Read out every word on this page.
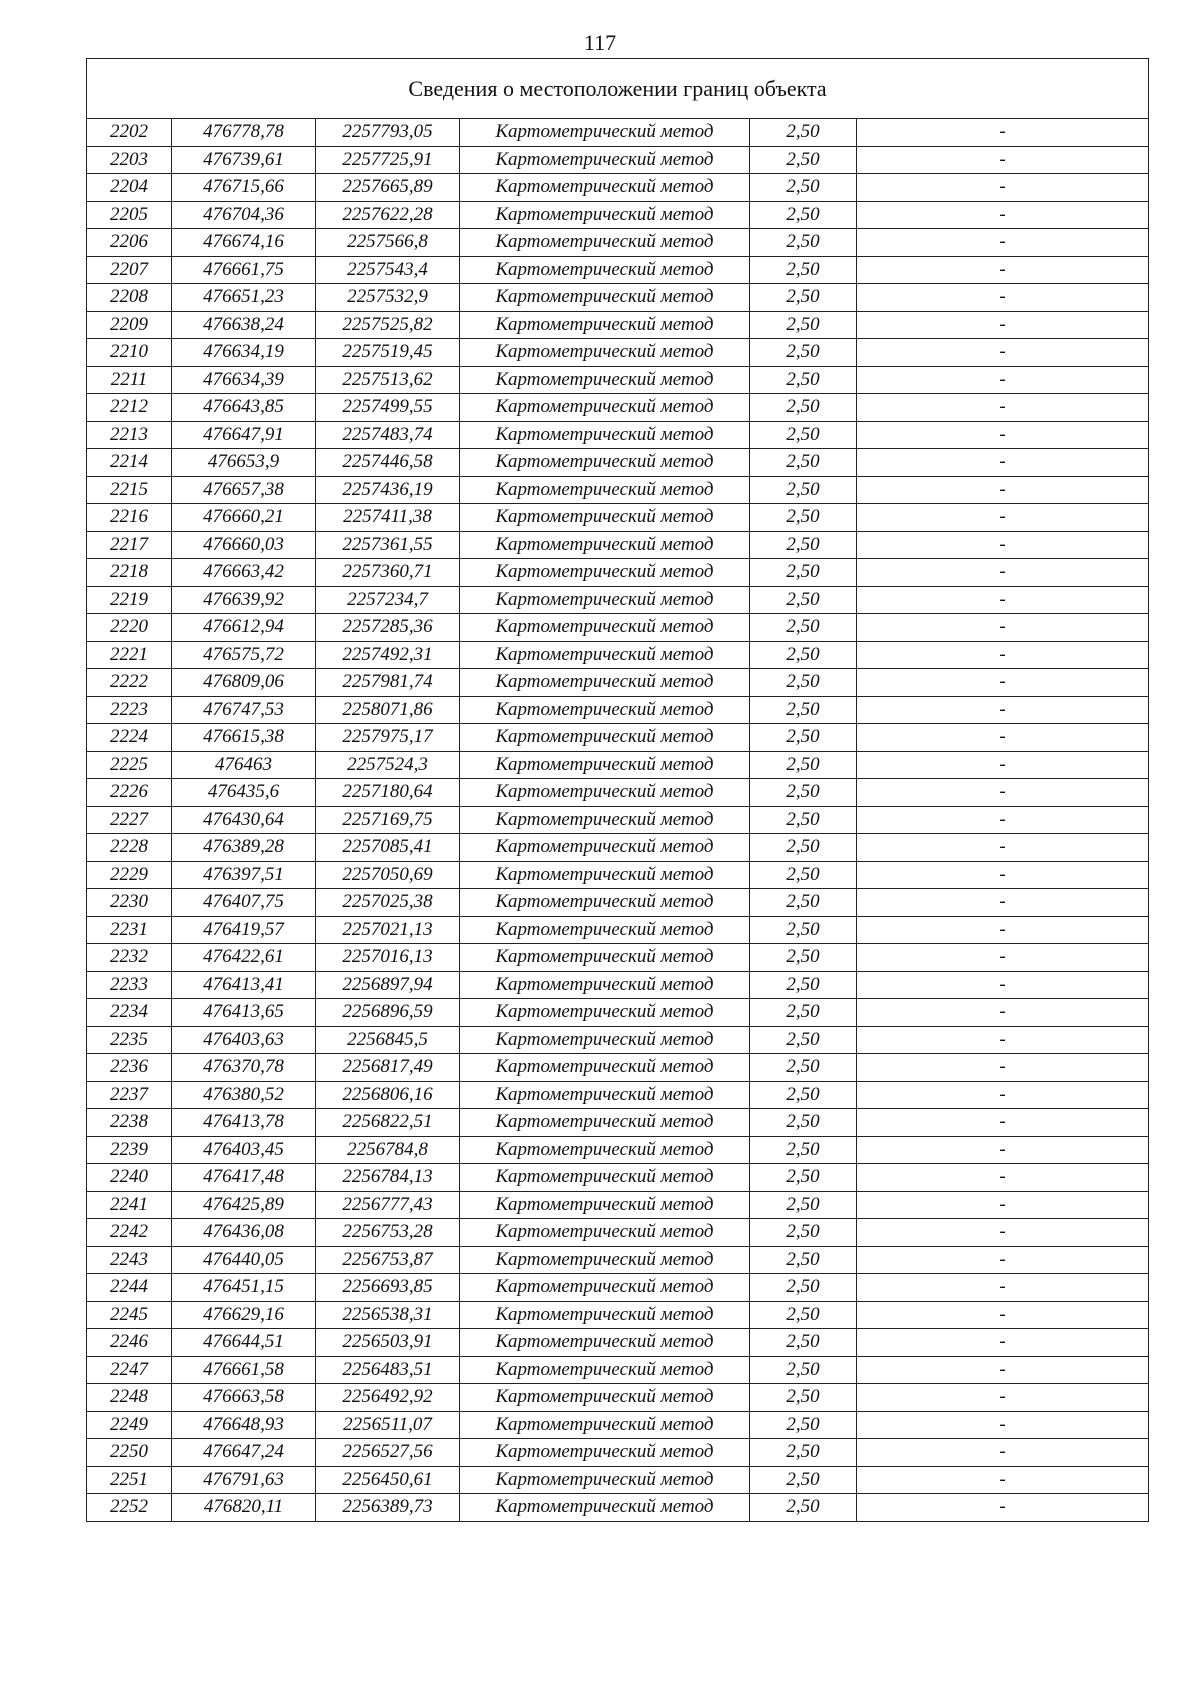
117
Сведения о местоположении границ объекта					
2202	476778,78	2257793,05	Картометрический метод	2,50	-
2203	476739,61	2257725,91	Картометрический метод	2,50	-
2204	476715,66	2257665,89	Картометрический метод	2,50	-
2205	476704,36	2257622,28	Картометрический метод	2,50	-
2206	476674,16	2257566,8	Картометрический метод	2,50	-
2207	476661,75	2257543,4	Картометрический метод	2,50	-
2208	476651,23	2257532,9	Картометрический метод	2,50	-
2209	476638,24	2257525,82	Картометрический метод	2,50	-
2210	476634,19	2257519,45	Картометрический метод	2,50	-
2211	476634,39	2257513,62	Картометрический метод	2,50	-
2212	476643,85	2257499,55	Картометрический метод	2,50	-
2213	476647,91	2257483,74	Картометрический метод	2,50	-
2214	476653,9	2257446,58	Картометрический метод	2,50	-
2215	476657,38	2257436,19	Картометрический метод	2,50	-
2216	476660,21	2257411,38	Картометрический метод	2,50	-
2217	476660,03	2257361,55	Картометрический метод	2,50	-
2218	476663,42	2257360,71	Картометрический метод	2,50	-
2219	476639,92	2257234,7	Картометрический метод	2,50	-
2220	476612,94	2257285,36	Картометрический метод	2,50	-
2221	476575,72	2257492,31	Картометрический метод	2,50	-
2222	476809,06	2257981,74	Картометрический метод	2,50	-
2223	476747,53	2258071,86	Картометрический метод	2,50	-
2224	476615,38	2257975,17	Картометрический метод	2,50	-
2225	476463	2257524,3	Картометрический метод	2,50	-
2226	476435,6	2257180,64	Картометрический метод	2,50	-
2227	476430,64	2257169,75	Картометрический метод	2,50	-
2228	476389,28	2257085,41	Картометрический метод	2,50	-
2229	476397,51	2257050,69	Картометрический метод	2,50	-
2230	476407,75	2257025,38	Картометрический метод	2,50	-
2231	476419,57	2257021,13	Картометрический метод	2,50	-
2232	476422,61	2257016,13	Картометрический метод	2,50	-
2233	476413,41	2256897,94	Картометрический метод	2,50	-
2234	476413,65	2256896,59	Картометрический метод	2,50	-
2235	476403,63	2256845,5	Картометрический метод	2,50	-
2236	476370,78	2256817,49	Картометрический метод	2,50	-
2237	476380,52	2256806,16	Картометрический метод	2,50	-
2238	476413,78	2256822,51	Картометрический метод	2,50	-
2239	476403,45	2256784,8	Картометрический метод	2,50	-
2240	476417,48	2256784,13	Картометрический метод	2,50	-
2241	476425,89	2256777,43	Картометрический метод	2,50	-
2242	476436,08	2256753,28	Картометрический метод	2,50	-
2243	476440,05	2256753,87	Картометрический метод	2,50	-
2244	476451,15	2256693,85	Картометрический метод	2,50	-
2245	476629,16	2256538,31	Картометрический метод	2,50	-
2246	476644,51	2256503,91	Картометрический метод	2,50	-
2247	476661,58	2256483,51	Картометрический метод	2,50	-
2248	476663,58	2256492,92	Картометрический метод	2,50	-
2249	476648,93	2256511,07	Картометрический метод	2,50	-
2250	476647,24	2256527,56	Картометрический метод	2,50	-
2251	476791,63	2256450,61	Картометрический метод	2,50	-
2252	476820,11	2256389,73	Картометрический метод	2,50	-
